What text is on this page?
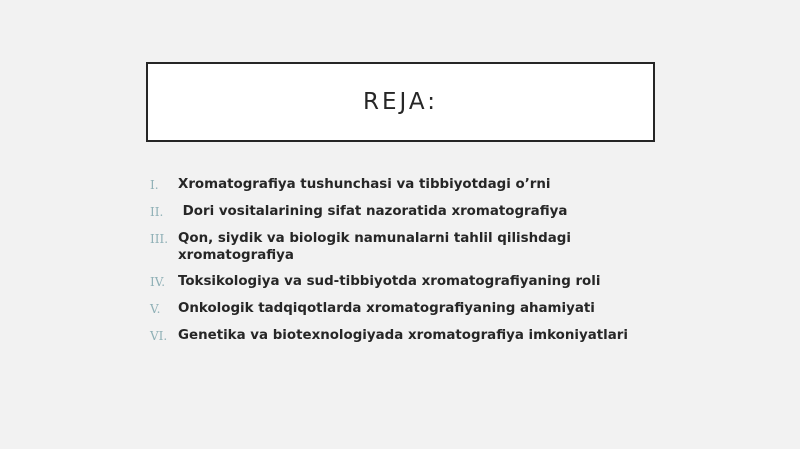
REJA:
I.	Xromatografiya tushunchasi va tibbiyotdagi o’rni
II.	Dori vositalarining sifat nazoratida xromatografiya
III. Qon, siydik va biologik namunalarni tahlil qilishdagi xromatografiya
IV. Toksikologiya va sud-tibbiyotda xromatografiyaning roli
V.	Onkologik tadqiqotlarda xromatografiyaning ahamiyati
VI. Genetika va biotexnologiyada xromatografiya imkoniyatlari
